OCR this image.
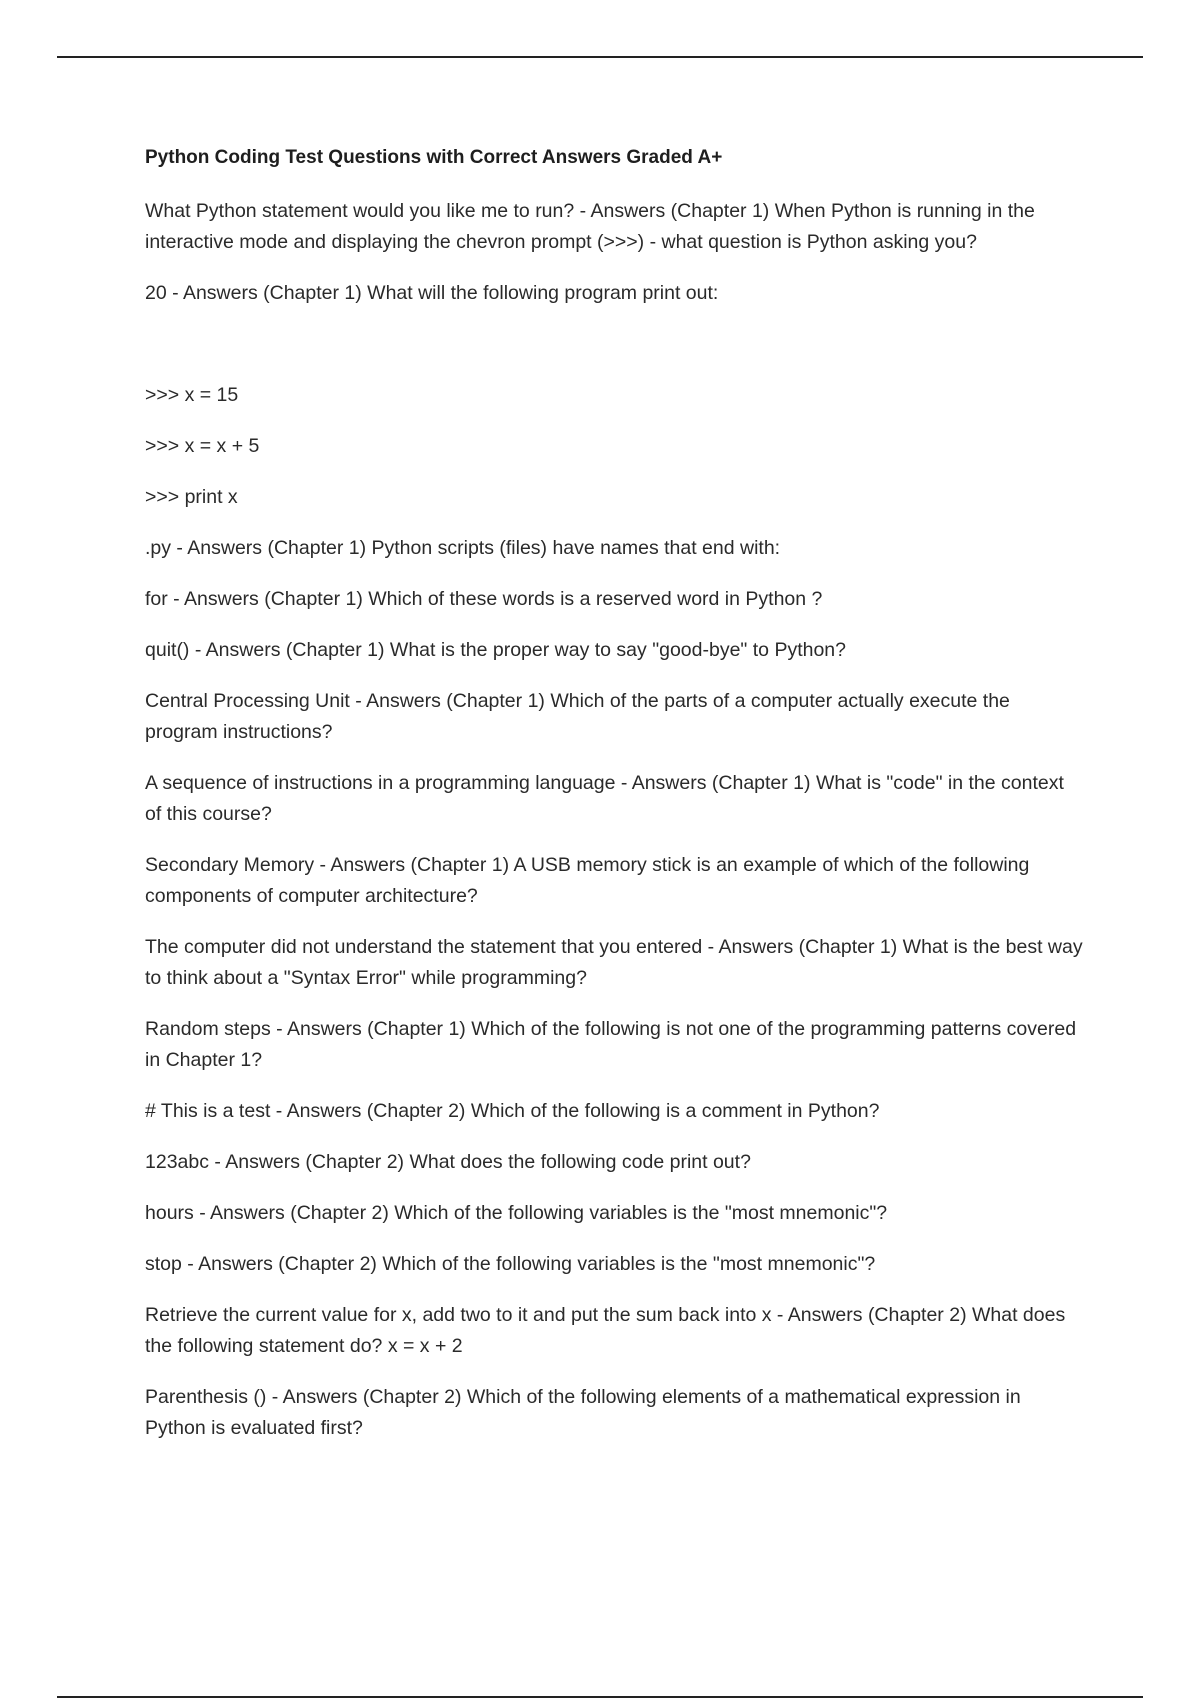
Python Coding Test Questions with Correct Answers Graded A+

What Python statement would you like me to run? - Answers (Chapter 1) When Python is running in the interactive mode and displaying the chevron prompt (>>>) - what question is Python asking you?

20 - Answers (Chapter 1) What will the following program print out:

>>> x = 15

>>> x = x + 5

>>> print x

.py - Answers (Chapter 1) Python scripts (files) have names that end with:

for - Answers (Chapter 1) Which of these words is a reserved word in Python ?

quit() - Answers (Chapter 1) What is the proper way to say "good-bye" to Python?

Central Processing Unit - Answers (Chapter 1) Which of the parts of a computer actually execute the program instructions?

A sequence of instructions in a programming language - Answers (Chapter 1) What is "code" in the context of this course?

Secondary Memory - Answers (Chapter 1) A USB memory stick is an example of which of the following components of computer architecture?

The computer did not understand the statement that you entered - Answers (Chapter 1) What is the best way to think about a "Syntax Error" while programming?

Random steps - Answers (Chapter 1) Which of the following is not one of the programming patterns covered in Chapter 1?

# This is a test - Answers (Chapter 2) Which of the following is a comment in Python?

123abc - Answers (Chapter 2) What does the following code print out?

hours - Answers (Chapter 2) Which of the following variables is the "most mnemonic"?

stop - Answers (Chapter 2) Which of the following variables is the "most mnemonic"?

Retrieve the current value for x, add two to it and put the sum back into x - Answers (Chapter 2) What does the following statement do? x = x + 2

Parenthesis () - Answers (Chapter 2) Which of the following elements of a mathematical expression in Python is evaluated first?
